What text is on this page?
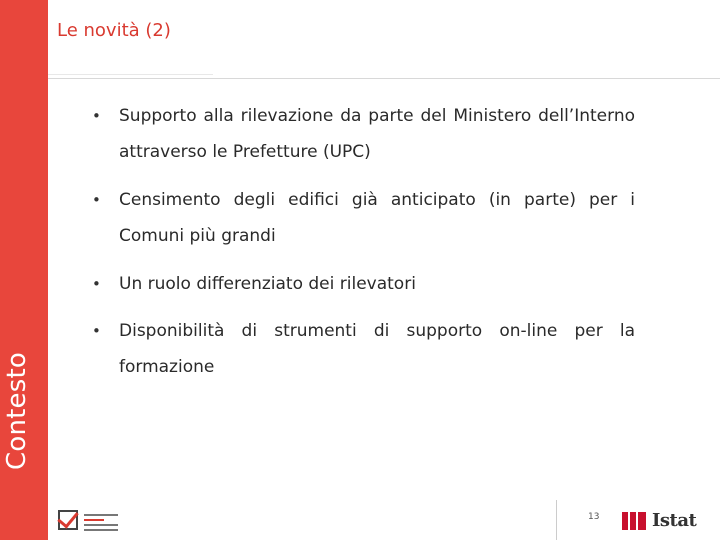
Contesto
Le novità (2)
• Supporto alla rilevazione da parte del Ministero dell’Interno attraverso le Prefetture (UPC)
• Censimento degli edifici già anticipato (in parte) per i Comuni più grandi
• Un ruolo differenziato dei rilevatori
• Disponibilità di strumenti di supporto on-line per la formazione
13	Istat
